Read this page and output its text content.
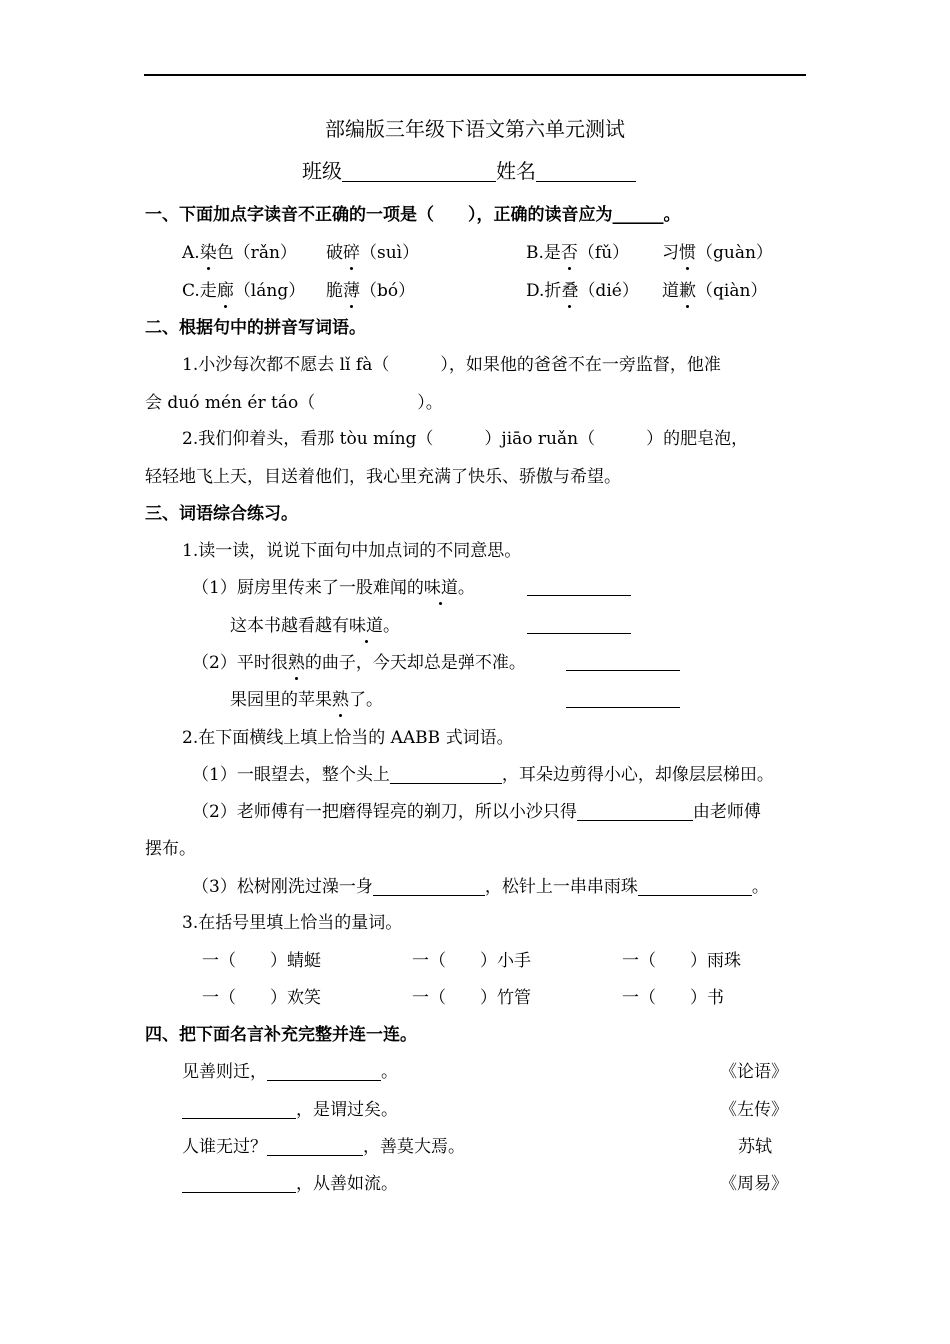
部编版三年级下语文第六单元测试
班级	姓名
一、下面加点字读音不正确的一项是（　　），正确的读音应为______。
A.染色（rǎn） 破碎（suì）	B.是否（fǔ） 习惯（guàn）
C.走廊（láng） 脆薄（bó）	D.折叠（dié） 道歉（qiàn）
二、根据句中的拼音写词语。
1.小沙每次都不愿去 lǐ fà（　　　），如果他的爸爸不在一旁监督，他准
会 duó mén ér táo（　　　　　　）。
2.我们仰着头，看那 tòu míng（　　　）jiāo ruǎn（　　　）的肥皂泡，
轻轻地飞上天，目送着他们，我心里充满了快乐、骄傲与希望。
三、词语综合练习。
1.读一读，说说下面句中加点词的不同意思。
（1）厨房里传来了一股难闻的味道。
这本书越看越有味道。
（2）平时很熟的曲子，今天却总是弹不准。
果园里的苹果熟了。
2.在下面横线上填上恰当的 AABB 式词语。
（1）一眼望去，整个头上	，耳朵边剪得小心，却像层层梯田。
（2）老师傅有一把磨得锃亮的剃刀，所以小沙只得	由老师傅
摆布。
（3）松树刚洗过澡一身	，松针上一串串雨珠	。
3.在括号里填上恰当的量词。
一（　　）蜻蜓	一（　　）小手	一（　　）雨珠
一（　　）欢笑	一（　　）竹管	一（　　）书
四、把下面名言补充完整并连一连。
见善则迁，	。	《论语》
，是谓过矣。	《左传》
人谁无过？	，善莫大焉。	苏轼
，从善如流。	《周易》
